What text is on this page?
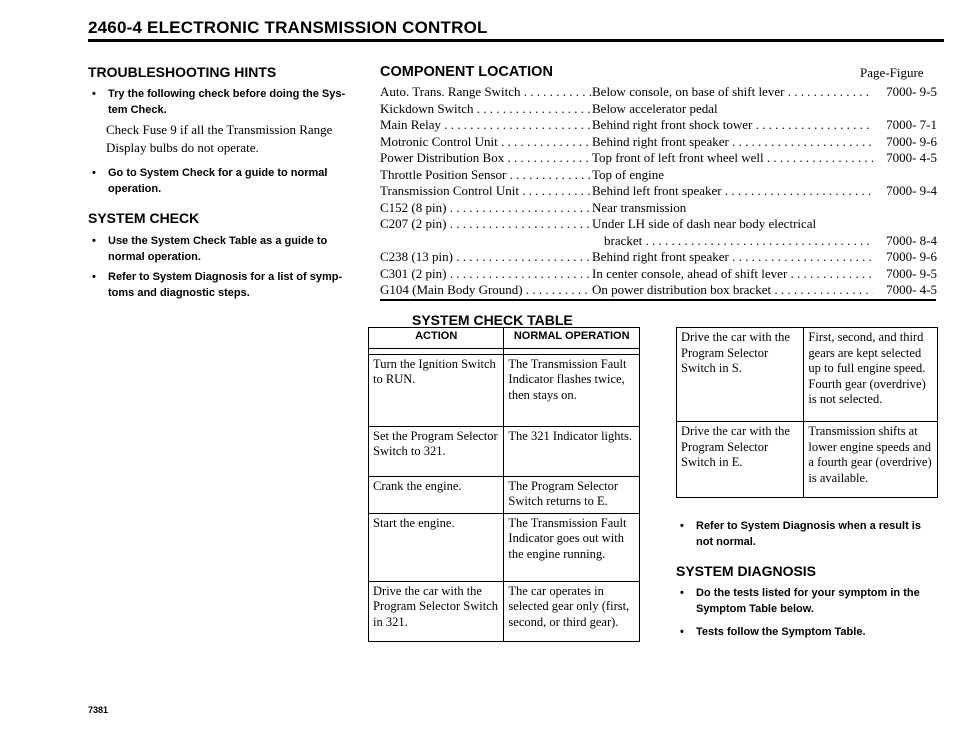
2460-4 ELECTRONIC TRANSMISSION CONTROL
TROUBLESHOOTING HINTS
• Try the following check before doing the Sys-
tem Check.
Check Fuse 9 if all the Transmission Range
Display bulbs do not operate.
• Go to System Check for a guide to normal
operation.
SYSTEM CHECK
• Use the System Check Table as a guide to
normal operation.
• Refer to System Diagnosis for a list of symp-
toms and diagnostic steps.
COMPONENT LOCATION	Page-Figure
Auto. Trans. Range Switch . . .	Below console, on base of shift lever . . .	7000- 9-5
Kickdown Switch . . .	Below accelerator pedal
Main Relay . . .	Behind right front shock tower . . .	7000- 7-1
Motronic Control Unit . . .	Behind right front speaker . . .	7000- 9-6
Power Distribution Box . . .	Top front of left front wheel well . . .	7000- 4-5
Throttle Position Sensor . . .	Top of engine
Transmission Control Unit . . .	Behind left front speaker . . .	7000- 9-4
C152 (8 pin) . . .	Near transmission
C207 (2 pin) . . .	Under LH side of dash near body electrical
bracket . . .	7000- 8-4
C238 (13 pin) . . .	Behind right front speaker . . .	7000- 9-6
C301 (2 pin) . . .	In center console, ahead of shift lever . . .	7000- 9-5
G104 (Main Body Ground) . . .	On power distribution box bracket . . .	7000- 4-5
SYSTEM CHECK TABLE
ACTION	NORMAL OPERATION

Turn the Ignition Switch to RUN.	The Transmission Fault Indicator flashes twice, then stays on.
Set the Program Selector Switch to 321.	The 321 Indicator lights.
Crank the engine.	The Program Selector Switch returns to E.
Start the engine.	The Transmission Fault Indicator goes out with the engine running.
Drive the car with the Program Selector Switch in 321.	The car operates in selected gear only (first, second, or third gear).
Drive the car with the Program Selector Switch in S.	First, second, and third gears are kept selected up to full engine speed. Fourth gear (overdrive) is not selected.
Drive the car with the Program Selector Switch in E.	Transmission shifts at lower engine speeds and a fourth gear (overdrive) is available.
• Refer to System Diagnosis when a result is
not normal.
SYSTEM DIAGNOSIS
• Do the tests listed for your symptom in the
Symptom Table below.
• Tests follow the Symptom Table.
7381
